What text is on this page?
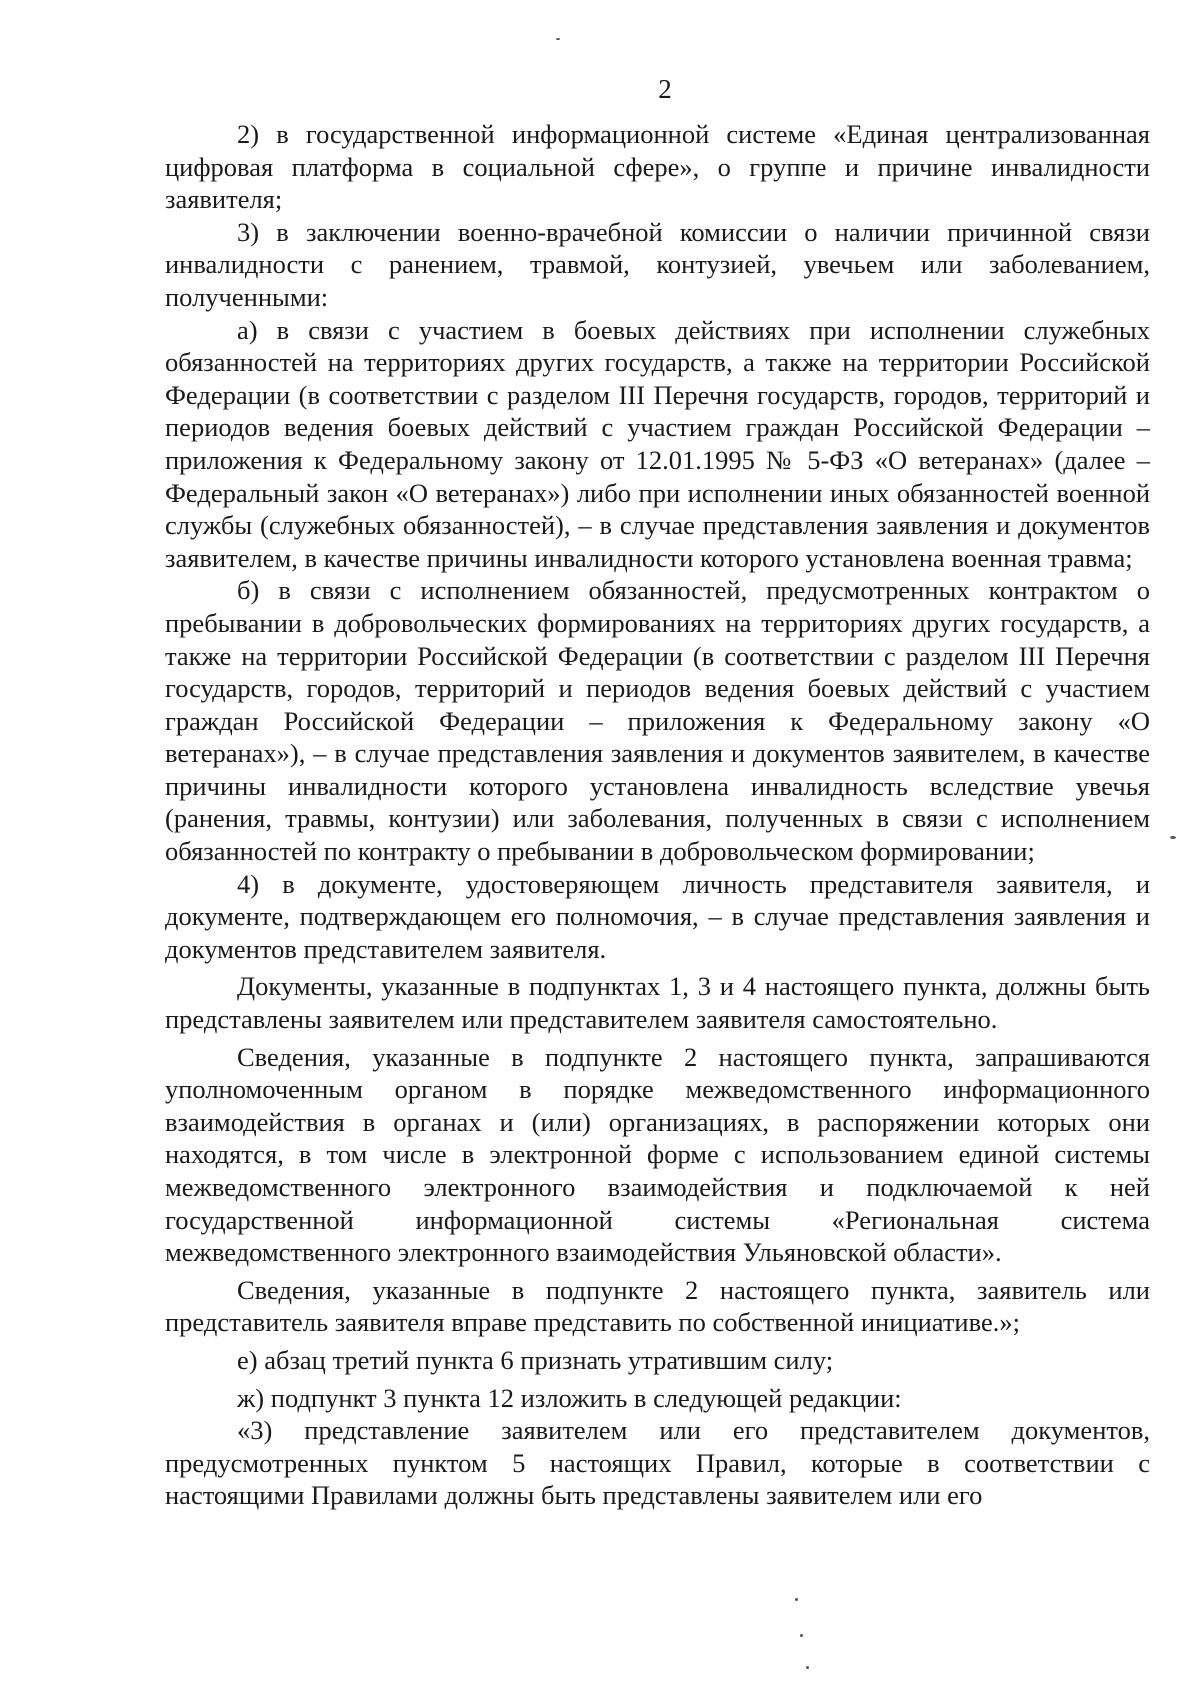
2

2) в государственной информационной системе «Единая централизованная цифровая платформа в социальной сфере», о группе и причине инвалидности заявителя;

3) в заключении военно-врачебной комиссии о наличии причинной связи инвалидности с ранением, травмой, контузией, увечьем или заболеванием, полученными:

а) в связи с участием в боевых действиях при исполнении служебных обязанностей на территориях других государств, а также на территории Российской Федерации (в соответствии с разделом III Перечня государств, городов, территорий и периодов ведения боевых действий с участием граждан Российской Федерации – приложения к Федеральному закону от 12.01.1995 № 5-ФЗ «О ветеранах» (далее – Федеральный закон «О ветеранах») либо при исполнении иных обязанностей военной службы (служебных обязанностей), – в случае представления заявления и документов заявителем, в качестве причины инвалидности которого установлена военная травма;

б) в связи с исполнением обязанностей, предусмотренных контрактом о пребывании в добровольческих формированиях на территориях других государств, а также на территории Российской Федерации (в соответствии с разделом III Перечня государств, городов, территорий и периодов ведения боевых действий с участием граждан Российской Федерации – приложения к Федеральному закону «О ветеранах»), – в случае представления заявления и документов заявителем, в качестве причины инвалидности которого установлена инвалидность вследствие увечья (ранения, травмы, контузии) или заболевания, полученных в связи с исполнением обязанностей по контракту о пребывании в добровольческом формировании;

4) в документе, удостоверяющем личность представителя заявителя, и документе, подтверждающем его полномочия, – в случае представления заявления и документов представителем заявителя.

Документы, указанные в подпунктах 1, 3 и 4 настоящего пункта, должны быть представлены заявителем или представителем заявителя самостоятельно.

Сведения, указанные в подпункте 2 настоящего пункта, запрашиваются уполномоченным органом в порядке межведомственного информационного взаимодействия в органах и (или) организациях, в распоряжении которых они находятся, в том числе в электронной форме с использованием единой системы межведомственного электронного взаимодействия и подключаемой к ней государственной информационной системы «Региональная система межведомственного электронного взаимодействия Ульяновской области».

Сведения, указанные в подпункте 2 настоящего пункта, заявитель или представитель заявителя вправе представить по собственной инициативе.»;

е) абзац третий пункта 6 признать утратившим силу;

ж) подпункт 3 пункта 12 изложить в следующей редакции:

«3) представление заявителем или его представителем документов, предусмотренных пунктом 5 настоящих Правил, которые в соответствии с настоящими Правилами должны быть представлены заявителем или его
